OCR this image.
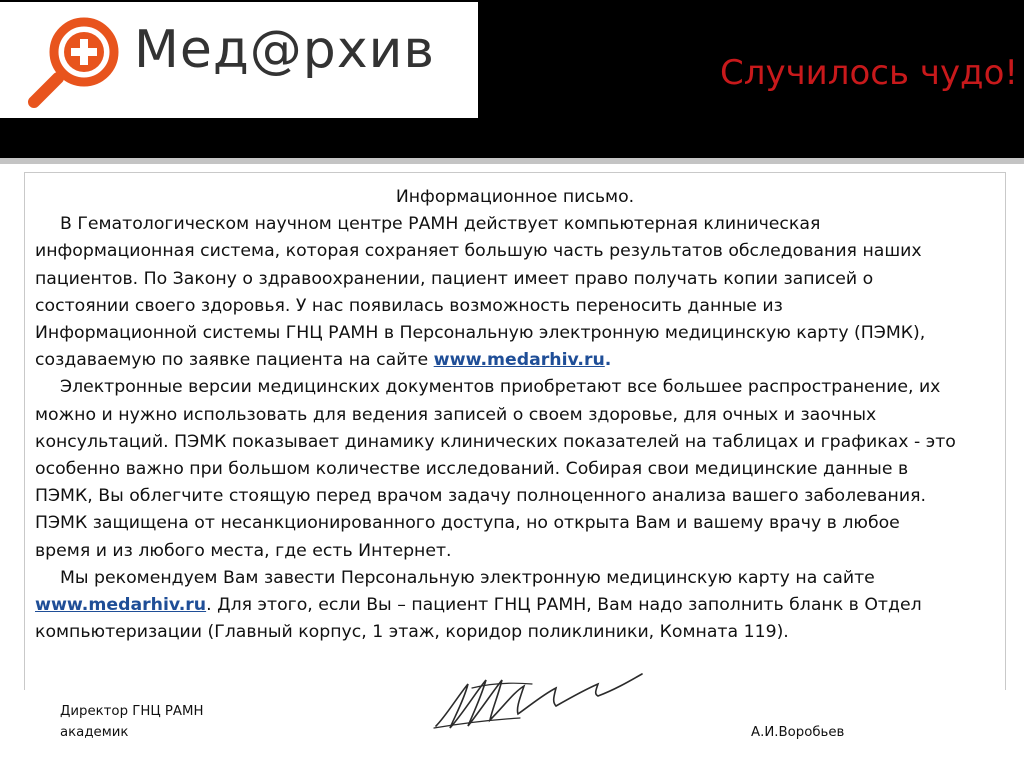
Мед@рхив	Случилось чудо!

Информационное письмо.

В Гематологическом научном центре РАМН действует компьютерная клиническая

информационная система, которая сохраняет большую часть результатов обследования наших

пациентов. По Закону о здравоохранении, пациент имеет право получать копии записей о

состоянии своего здоровья. У нас появилась возможность переносить данные из

Информационной системы ГНЦ РАМН в Персональную электронную медицинскую карту (ПЭМК),

создаваемую по заявке пациента на сайте www.medarhiv.ru.

Электронные версии медицинских документов приобретают все большее распространение, их

можно и нужно использовать для ведения записей о своем здоровье, для очных и заочных

консультаций. ПЭМК показывает динамику клинических показателей на таблицах и графиках - это

особенно важно при большом количестве исследований. Собирая свои медицинские данные в

ПЭМК, Вы облегчите стоящую перед врачом задачу полноценного анализа вашего заболевания.

ПЭМК защищена от несанкционированного доступа, но открыта Вам и вашему врачу в любое

время и из любого места, где есть Интернет.

Мы рекомендуем Вам завести Персональную электронную медицинскую карту на сайте

www.medarhiv.ru. Для этого, если Вы – пациент ГНЦ РАМН, Вам надо заполнить бланк в Отдел

компьютеризации (Главный корпус, 1 этаж, коридор поликлиники, Комната 119).

Директор ГНЦ РАМН
академик	А.И.Воробьев
